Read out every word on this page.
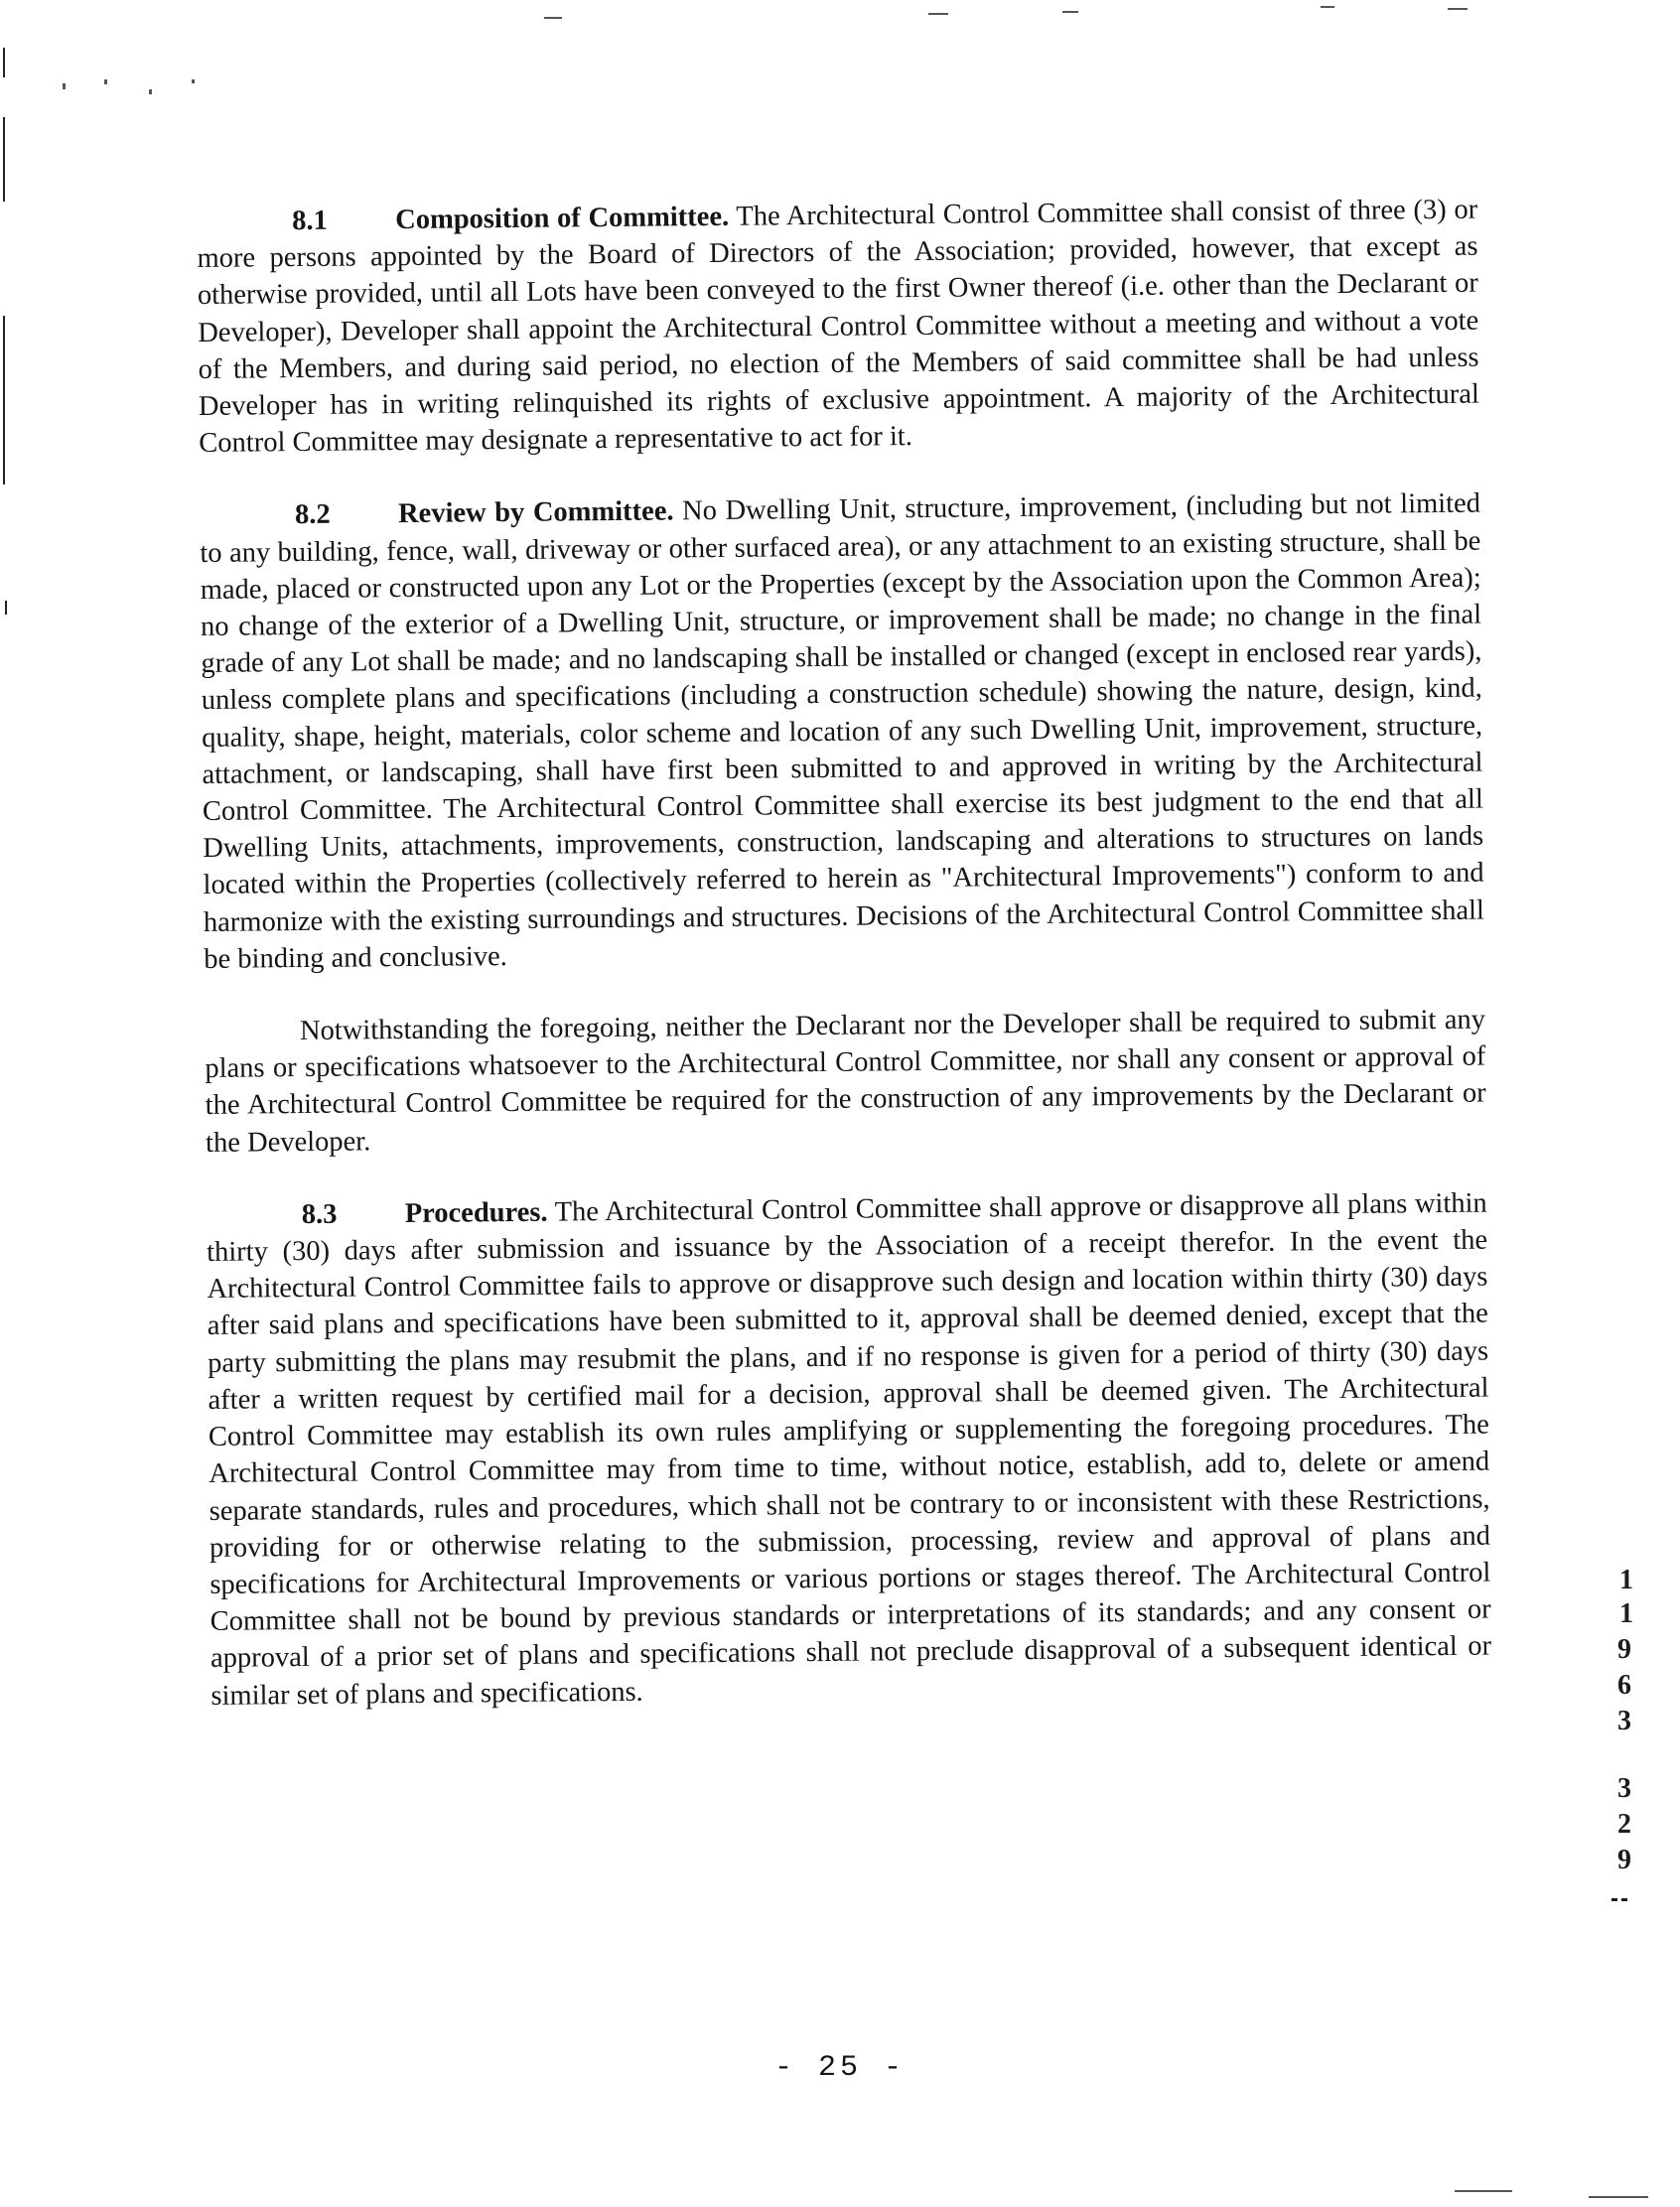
8.1 Composition of Committee. The Architectural Control Committee shall consist of three (3) or more persons appointed by the Board of Directors of the Association; provided, however, that except as otherwise provided, until all Lots have been conveyed to the first Owner thereof (i.e. other than the Declarant or Developer), Developer shall appoint the Architectural Control Committee without a meeting and without a vote of the Members, and during said period, no election of the Members of said committee shall be had unless Developer has in writing relinquished its rights of exclusive appointment. A majority of the Architectural Control Committee may designate a representative to act for it.

8.2 Review by Committee. No Dwelling Unit, structure, improvement, (including but not limited to any building, fence, wall, driveway or other surfaced area), or any attachment to an existing structure, shall be made, placed or constructed upon any Lot or the Properties (except by the Association upon the Common Area); no change of the exterior of a Dwelling Unit, structure, or improvement shall be made; no change in the final grade of any Lot shall be made; and no landscaping shall be installed or changed (except in enclosed rear yards), unless complete plans and specifications (including a construction schedule) showing the nature, design, kind, quality, shape, height, materials, color scheme and location of any such Dwelling Unit, improvement, structure, attachment, or landscaping, shall have first been submitted to and approved in writing by the Architectural Control Committee. The Architectural Control Committee shall exercise its best judgment to the end that all Dwelling Units, attachments, improvements, construction, landscaping and alterations to structures on lands located within the Properties (collectively referred to herein as "Architectural Improvements") conform to and harmonize with the existing surroundings and structures. Decisions of the Architectural Control Committee shall be binding and conclusive.

Notwithstanding the foregoing, neither the Declarant nor the Developer shall be required to submit any plans or specifications whatsoever to the Architectural Control Committee, nor shall any consent or approval of the Architectural Control Committee be required for the construction of any improvements by the Declarant or the Developer.

8.3 Procedures. The Architectural Control Committee shall approve or disapprove all plans within thirty (30) days after submission and issuance by the Association of a receipt therefor. In the event the Architectural Control Committee fails to approve or disapprove such design and location within thirty (30) days after said plans and specifications have been submitted to it, approval shall be deemed denied, except that the party submitting the plans may resubmit the plans, and if no response is given for a period of thirty (30) days after a written request by certified mail for a decision, approval shall be deemed given. The Architectural Control Committee may establish its own rules amplifying or supplementing the foregoing procedures. The Architectural Control Committee may from time to time, without notice, establish, add to, delete or amend separate standards, rules and procedures, which shall not be contrary to or inconsistent with these Restrictions, providing for or otherwise relating to the submission, processing, review and approval of plans and specifications for Architectural Improvements or various portions or stages thereof. The Architectural Control Committee shall not be bound by previous standards or interpretations of its standards; and any consent or approval of a prior set of plans and specifications shall not preclude disapproval of a subsequent identical or similar set of plans and specifications.

- 25 -
1
1
9
6
3
3
2
9
